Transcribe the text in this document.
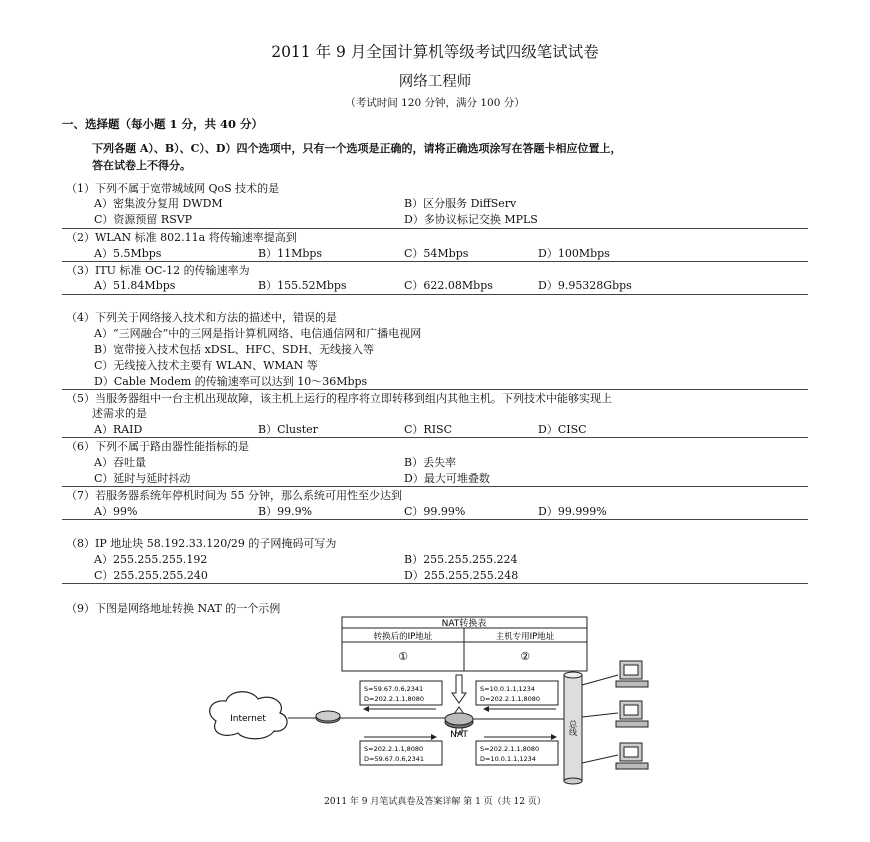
2011 年 9 月全国计算机等级考试四级笔试试卷
网络工程师
（考试时间 120 分钟，满分 100 分）
一、选择题（每小题 1 分，共 40 分）
下列各题 A）、B）、C）、D）四个选项中，只有一个选项是正确的，请将正确选项涂写在答题卡相应位置上，
答在试卷上不得分。
（1）下列不属于宽带城域网 QoS 技术的是
A）密集波分复用 DWDM	B）区分服务 DiffServ
C）资源预留 RSVP	D）多协议标记交换 MPLS
（2）WLAN 标准 802.11a 将传输速率提高到
A）5.5Mbps	B）11Mbps	C）54Mbps	D）100Mbps
（3）ITU 标准 OC-12 的传输速率为
A）51.84Mbps	B）155.52Mbps	C）622.08Mbps	D）9.95328Gbps
（4）下列关于网络接入技术和方法的描述中，错误的是
A）“三网融合”中的三网是指计算机网络、电信通信网和广播电视网
B）宽带接入技术包括 xDSL、HFC、SDH、无线接入等
C）无线接入技术主要有 WLAN、WMAN 等
D）Cable Modem 的传输速率可以达到 10～36Mbps
（5）当服务器组中一台主机出现故障，该主机上运行的程序将立即转移到组内其他主机。下列技术中能够实现上
述需求的是
A）RAID	B）Cluster	C）RISC	D）CISC
（6）下列不属于路由器性能指标的是
A）吞吐量	B）丢失率
C）延时与延时抖动	D）最大可堆叠数
（7）若服务器系统年停机时间为 55 分钟，那么系统可用性至少达到
A）99%	B）99.9%	C）99.99%	D）99.999%
（8）IP 地址块 58.192.33.120/29 的子网掩码可写为
A）255.255.255.192	B）255.255.255.224
C）255.255.255.240	D）255.255.255.248
（9）下图是网络地址转换 NAT 的一个示例
NAT转换表
转换后的IP地址	主机专用IP地址
①	②
Internet
NAT
S=59.67.0.6,2341
D=202.2.1.1,8080
S=10.0.1.1,1234
D=202.2.1.1,8080
S=202.2.1.1,8080
D=59.67.0.6,2341
S=202.2.1.1,8080
D=10.0.1.1,1234
总线
2011 年 9 月笔试真卷及答案详解 第 1 页（共 12 页）
